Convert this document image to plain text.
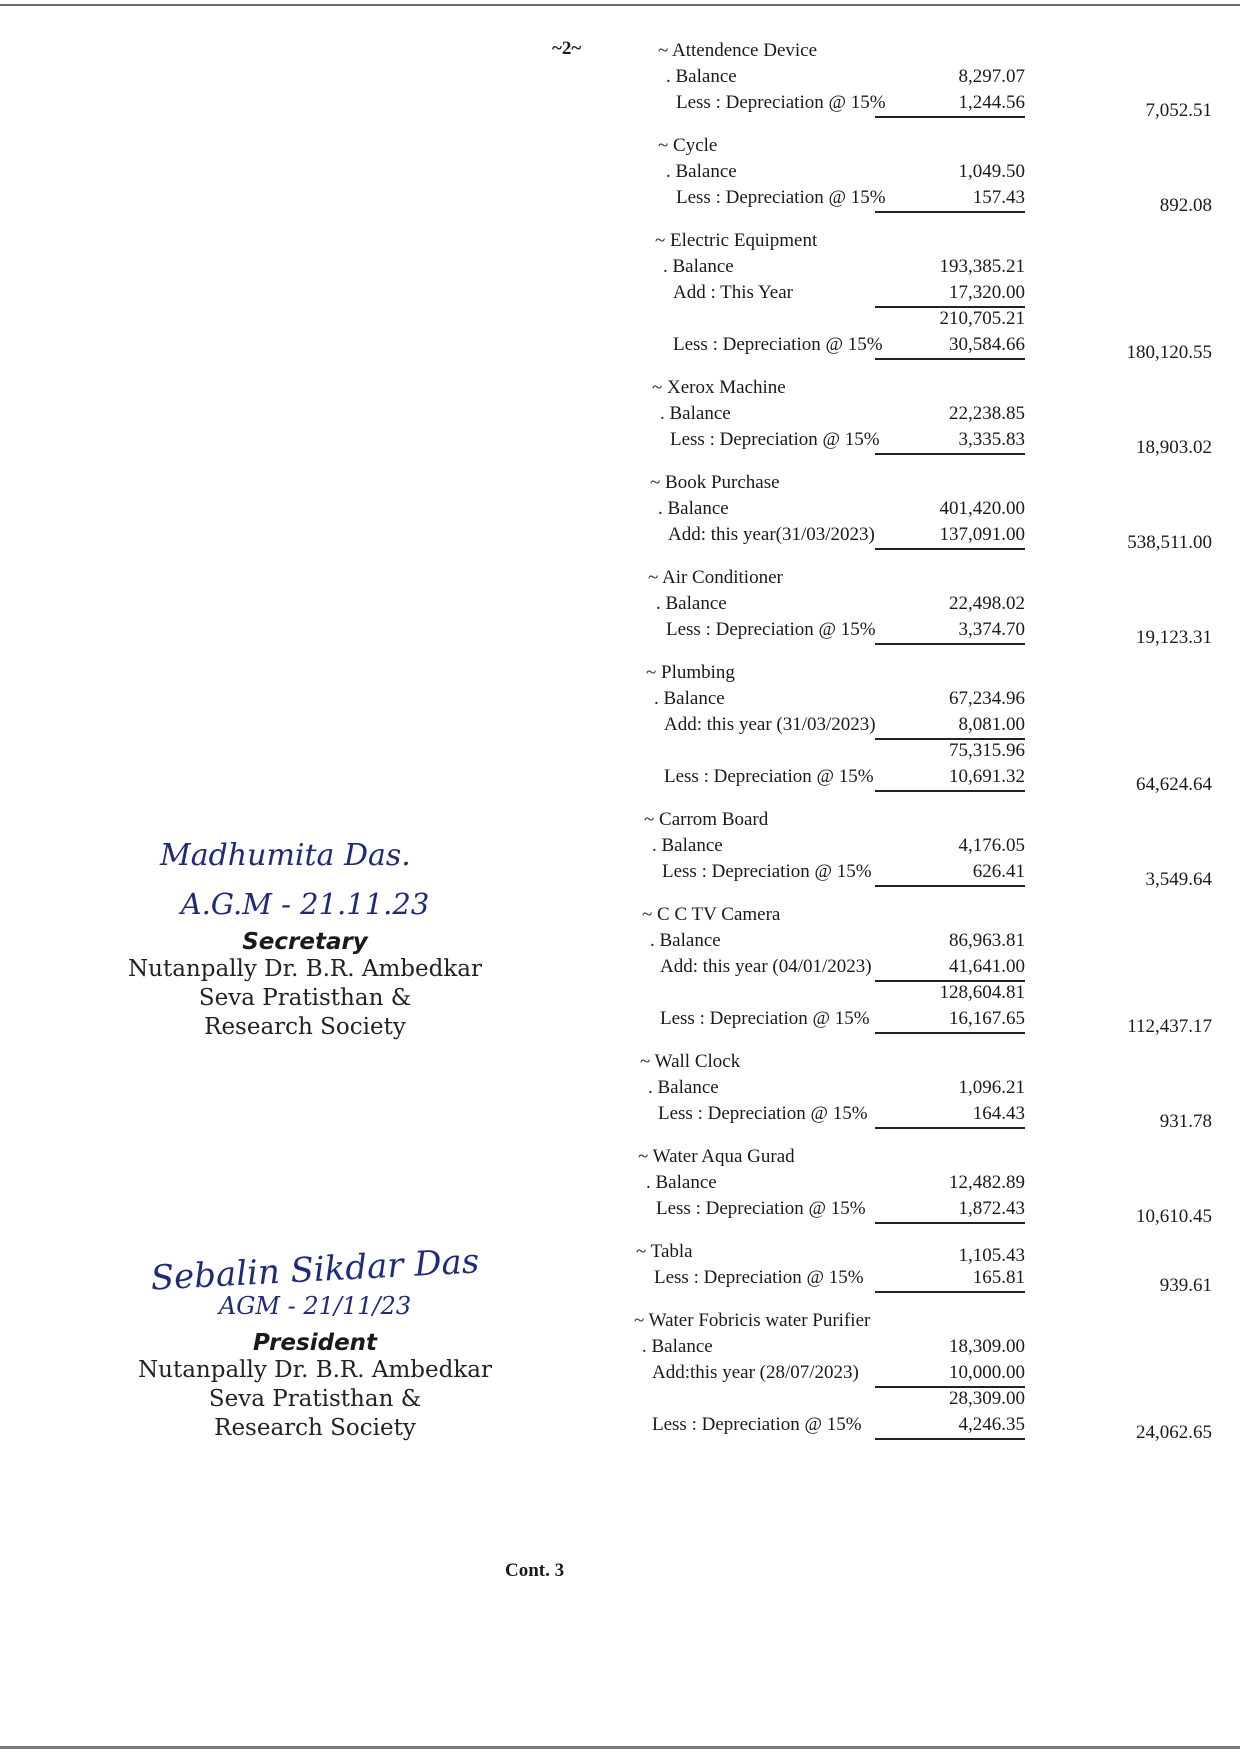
~2~	~ Attendence Device
. Balance	8,297.07
Less : Depreciation @ 15%	1,244.56	7,052.51
~ Cycle
. Balance	1,049.50
Less : Depreciation @ 15%	157.43	892.08
~ Electric Equipment
. Balance	193,385.21
Add : This Year	17,320.00
210,705.21
Less : Depreciation @ 15%	30,584.66	180,120.55
~ Xerox Machine
. Balance	22,238.85
Less : Depreciation @ 15%	3,335.83	18,903.02
~ Book Purchase
. Balance	401,420.00
Add: this year(31/03/2023)	137,091.00	538,511.00
~ Air Conditioner
. Balance	22,498.02
Less : Depreciation @ 15%	3,374.70	19,123.31
~ Plumbing
. Balance	67,234.96
Add: this year (31/03/2023)	8,081.00
75,315.96
Less : Depreciation @ 15%	10,691.32	64,624.64
~ Carrom Board
. Balance	4,176.05
Less : Depreciation @ 15%	626.41	3,549.64
~ C C TV Camera
. Balance	86,963.81
Add: this year (04/01/2023)	41,641.00
128,604.81
Less : Depreciation @ 15%	16,167.65	112,437.17
~ Wall Clock
. Balance	1,096.21
Less : Depreciation @ 15%	164.43	931.78
~ Water Aqua Gurad
. Balance	12,482.89
Less : Depreciation @ 15%	1,872.43	10,610.45
~ Tabla	1,105.43
Less : Depreciation @ 15%	165.81	939.61
~ Water Fobricis water Purifier
. Balance	18,309.00
Add:this year (28/07/2023)	10,000.00
28,309.00
Less : Depreciation @ 15%	4,246.35	24,062.65
Madhumita Das.
A.G.M - 21.11.23
Secretary
Nutanpally Dr. B.R. Ambedkar
Seva Pratisthan &
Research Society
Sebalin Sikdar Das
AGM - 21/11/23
President
Nutanpally Dr. B.R. Ambedkar
Seva Pratisthan &
Research Society
Cont. 3
